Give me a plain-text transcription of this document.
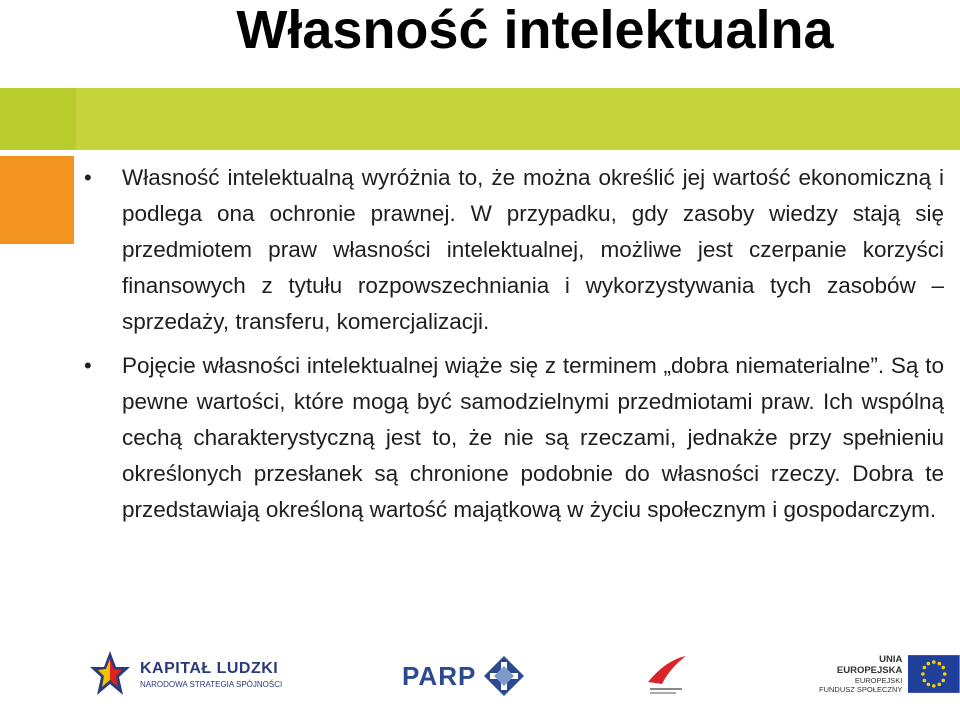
Własność intelektualna
• Własność intelektualną wyróżnia to, że można określić jej wartość ekonomiczną i podlega ona ochronie prawnej. W przypadku, gdy zasoby wiedzy stają się przedmiotem praw własności intelektualnej, możliwe jest czerpanie korzyści finansowych z tytułu rozpowszechniania i wykorzystywania tych zasobów – sprzedaży, transferu, komercjalizacji.
• Pojęcie własności intelektualnej wiąże się z terminem „dobra niematerialne”. Są to pewne wartości, które mogą być samodzielnymi przedmiotami praw. Ich wspólną cechą charakterystyczną jest to, że nie są rzeczami, jednakże przy spełnieniu określonych przesłanek są chronione podobnie do własności rzeczy. Dobra te przedstawiają określoną wartość majątkową w życiu społecznym i gospodarczym.
KAPITAŁ LUDZKI
NARODOWA STRATEGIA SPÓJNOŚCI	PARP
UNIA EUROPEJSKA
EUROPEJSKI
FUNDUSZ SPOŁECZNY
